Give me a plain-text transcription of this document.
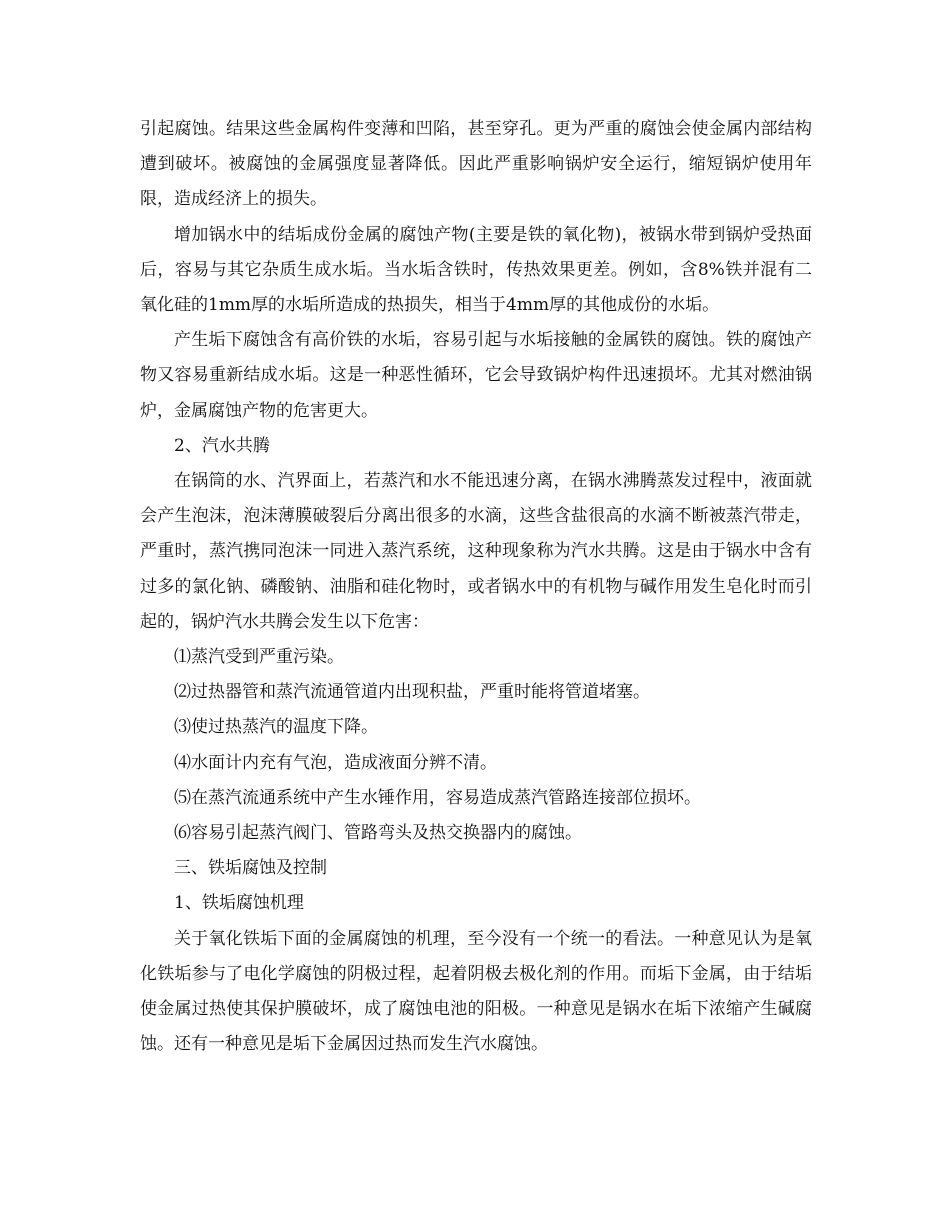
引起腐蚀。结果这些金属构件变薄和凹陷，甚至穿孔。更为严重的腐蚀会使金属内部结构遭到破坏。被腐蚀的金属强度显著降低。因此严重影响锅炉安全运行，缩短锅炉使用年限，造成经济上的损失。

增加锅水中的结垢成份金属的腐蚀产物(主要是铁的氧化物)，被锅水带到锅炉受热面后，容易与其它杂质生成水垢。当水垢含铁时，传热效果更差。例如，含8%铁并混有二氧化硅的1mm厚的水垢所造成的热损失，相当于4mm厚的其他成份的水垢。

产生垢下腐蚀含有高价铁的水垢，容易引起与水垢接触的金属铁的腐蚀。铁的腐蚀产物又容易重新结成水垢。这是一种恶性循环，它会导致锅炉构件迅速损坏。尤其对燃油锅炉，金属腐蚀产物的危害更大。

2、汽水共腾

在锅筒的水、汽界面上，若蒸汽和水不能迅速分离，在锅水沸腾蒸发过程中，液面就会产生泡沫，泡沫薄膜破裂后分离出很多的水滴，这些含盐很高的水滴不断被蒸汽带走，严重时，蒸汽携同泡沫一同进入蒸汽系统，这种现象称为汽水共腾。这是由于锅水中含有过多的氯化钠、磷酸钠、油脂和硅化物时，或者锅水中的有机物与碱作用发生皂化时而引起的，锅炉汽水共腾会发生以下危害：

⑴蒸汽受到严重污染。

⑵过热器管和蒸汽流通管道内出现积盐，严重时能将管道堵塞。

⑶使过热蒸汽的温度下降。

⑷水面计内充有气泡，造成液面分辨不清。

⑸在蒸汽流通系统中产生水锤作用，容易造成蒸汽管路连接部位损坏。

⑹容易引起蒸汽阀门、管路弯头及热交换器内的腐蚀。

三、铁垢腐蚀及控制

1、铁垢腐蚀机理

关于氧化铁垢下面的金属腐蚀的机理，至今没有一个统一的看法。一种意见认为是氧化铁垢参与了电化学腐蚀的阴极过程，起着阴极去极化剂的作用。而垢下金属，由于结垢使金属过热使其保护膜破坏，成了腐蚀电池的阳极。一种意见是锅水在垢下浓缩产生碱腐蚀。还有一种意见是垢下金属因过热而发生汽水腐蚀。
